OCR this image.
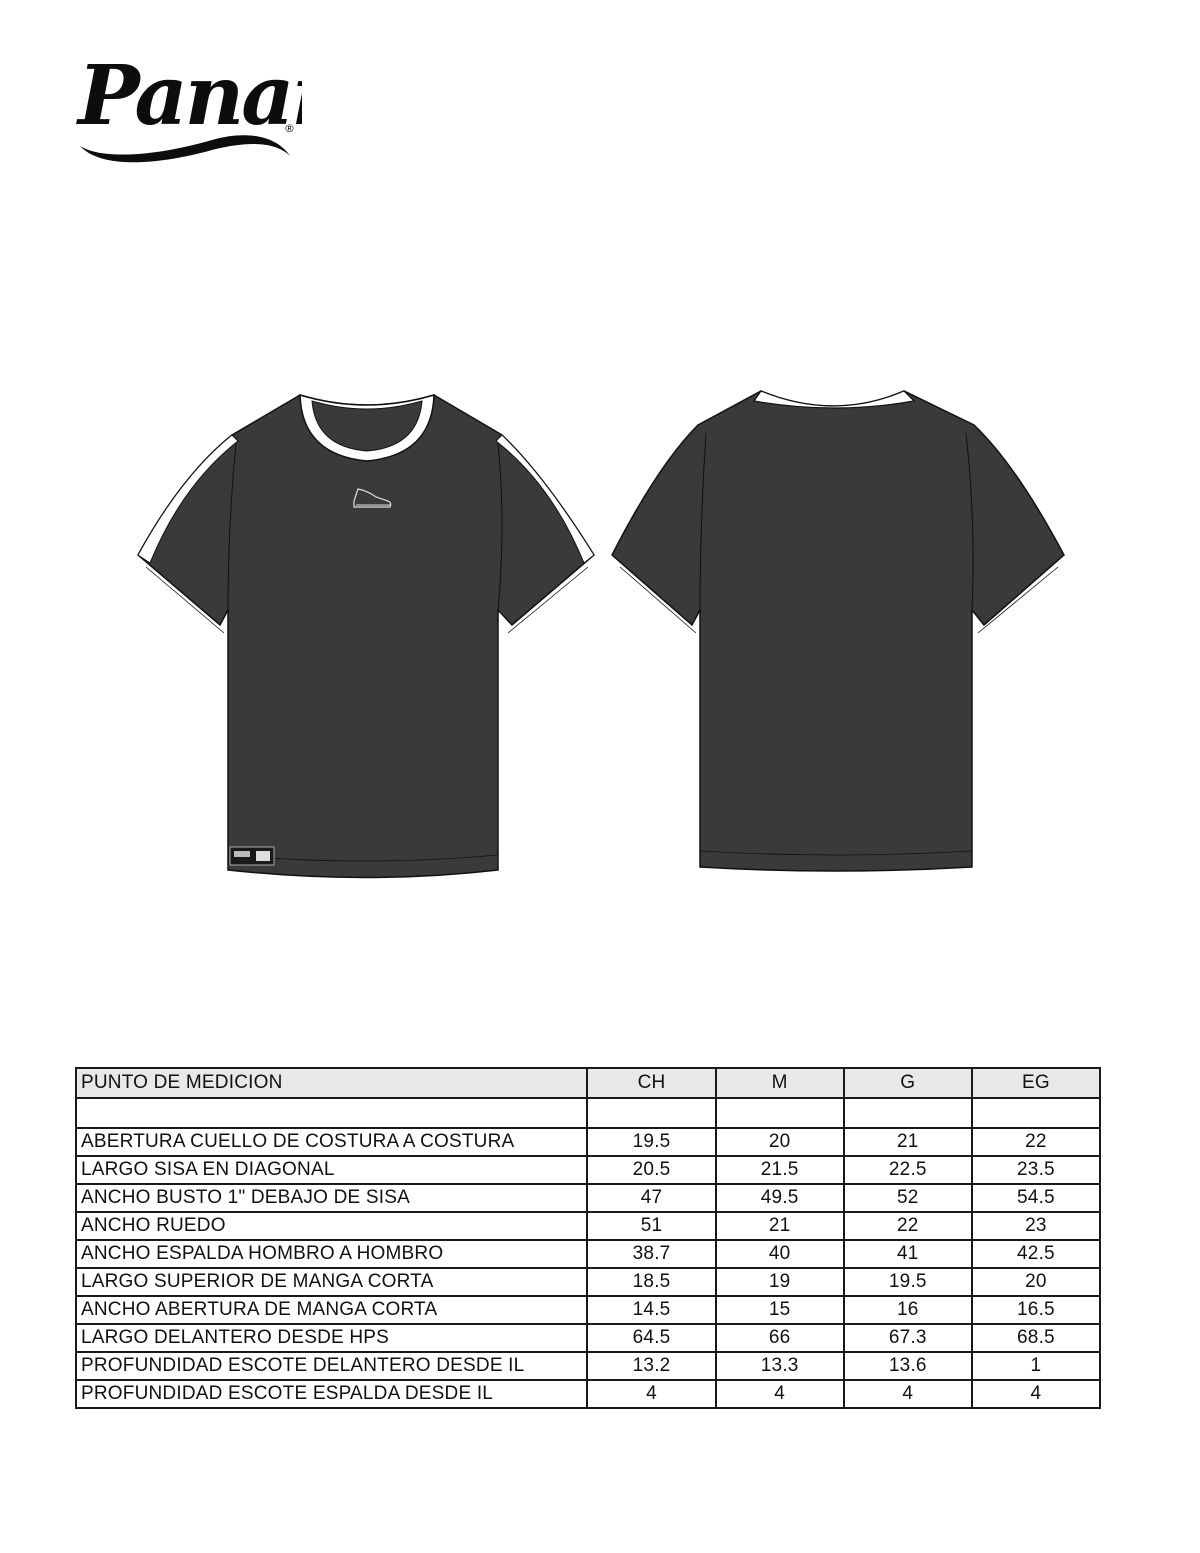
Pana
®
PUNTO DE MEDICION	CH	M	G	EG

ABERTURA CUELLO DE COSTURA A COSTURA	19.5	20	21	22
LARGO SISA EN DIAGONAL	20.5	21.5	22.5	23.5
ANCHO BUSTO 1" DEBAJO DE SISA	47	49.5	52	54.5
ANCHO RUEDO	51	21	22	23
ANCHO ESPALDA HOMBRO A HOMBRO	38.7	40	41	42.5
LARGO SUPERIOR DE MANGA CORTA	18.5	19	19.5	20
ANCHO ABERTURA DE MANGA CORTA	14.5	15	16	16.5
LARGO DELANTERO DESDE HPS	64.5	66	67.3	68.5
PROFUNDIDAD ESCOTE DELANTERO DESDE IL	13.2	13.3	13.6	1
PROFUNDIDAD ESCOTE ESPALDA DESDE IL	4	4	4	4
